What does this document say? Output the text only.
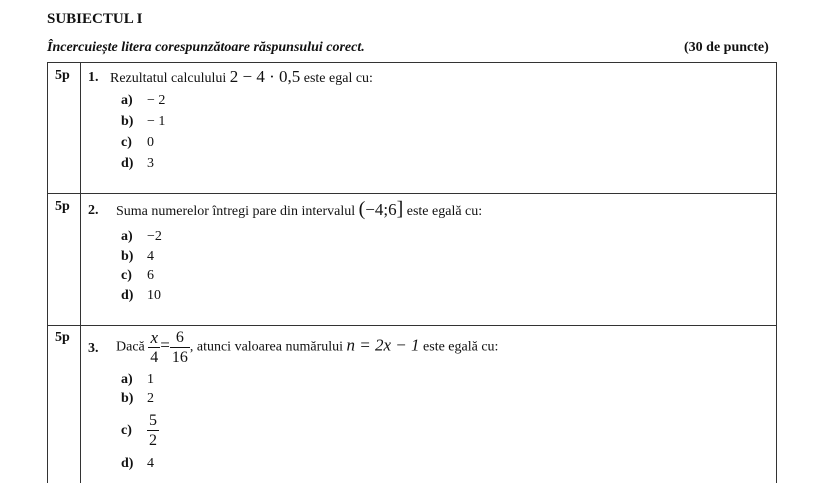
SUBIECTUL I
Încercuiește litera corespunzătoare răspunsului corect.	(30 de puncte)
5p 1. Rezultatul calculului 2 − 4 · 0,5 este egal cu:
a) − 2
b) − 1
c) 0
d) 3
5p 2. Suma numerelor întregi pare din intervalul (−4;6] este egală cu:
a) −2
b) 4
c) 6
d) 10
5p
3. Dacă $\frac{x}{4} = \frac{6}{16}$ , atunci valoarea numărului n = 2x − 1 este egală cu:
a) 1
b) 2
$c) \frac{5}{2}$
d) 4
